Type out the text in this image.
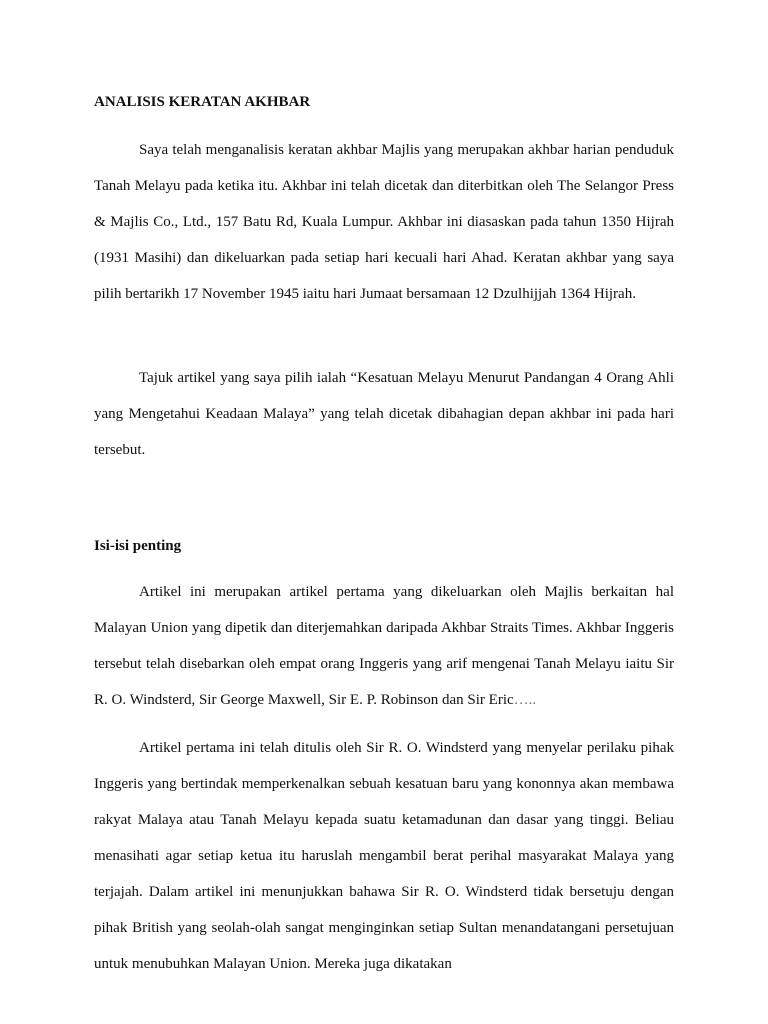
ANALISIS KERATAN AKHBAR

Saya telah menganalisis keratan akhbar Majlis yang merupakan akhbar harian penduduk Tanah Melayu pada ketika itu. Akhbar ini telah dicetak dan diterbitkan oleh The Selangor Press & Majlis Co., Ltd., 157 Batu Rd, Kuala Lumpur. Akhbar ini diasaskan pada tahun 1350 Hijrah (1931 Masihi) dan dikeluarkan pada setiap hari kecuali hari Ahad. Keratan akhbar yang saya pilih bertarikh 17 November 1945 iaitu hari Jumaat bersamaan 12 Dzulhijjah 1364 Hijrah.

Tajuk artikel yang saya pilih ialah “Kesatuan Melayu Menurut Pandangan 4 Orang Ahli yang Mengetahui Keadaan Malaya” yang telah dicetak dibahagian depan akhbar ini pada hari tersebut.

Isi-isi penting

Artikel ini merupakan artikel pertama yang dikeluarkan oleh Majlis berkaitan hal Malayan Union yang dipetik dan diterjemahkan daripada Akhbar Straits Times. Akhbar Inggeris tersebut telah disebarkan oleh empat orang Inggeris yang arif mengenai Tanah Melayu iaitu Sir R. O. Windsterd, Sir George Maxwell, Sir E. P. Robinson dan Sir Eric…..

Artikel pertama ini telah ditulis oleh Sir R. O. Windsterd yang menyelar perilaku pihak Inggeris yang bertindak memperkenalkan sebuah kesatuan baru yang kononnya akan membawa rakyat Malaya atau Tanah Melayu kepada suatu ketamadunan dan dasar yang tinggi. Beliau menasihati agar setiap ketua itu haruslah mengambil berat perihal masyarakat Malaya yang terjajah. Dalam artikel ini menunjukkan bahawa Sir R. O. Windsterd tidak bersetuju dengan pihak British yang seolah-olah sangat menginginkan setiap Sultan menandatangani persetujuan untuk menubuhkan Malayan Union. Mereka juga dikatakan
